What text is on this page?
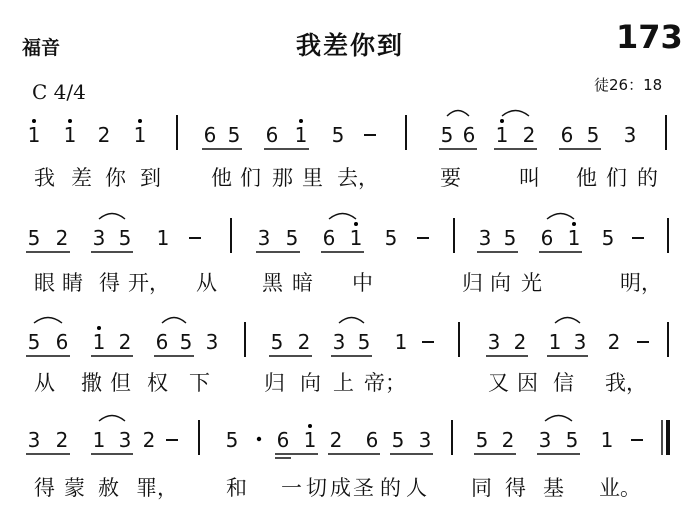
福音	我差你到	173
C 4/4	徒26：18
1 1 2 1	6 5 6 1 5	5 6 1 2 6 5 3
我 差 你 到 他 们 那 里 去，	要	叫 他 们 的
5 2 3 5 1	3 5 6 1 5	3 5 6 1 5
眼 睛 得 开， 从 黑 暗 中	归 向 光	明，
5 6 1 2 6 5 3	5 2 3 5 1	3 2 1 3 2
从 撒 但 权 下	归 向 上 帝；	又 因 信 我，
3 2 1 3 2	5 6 1 2 6 5 3 5 2 3 5 1
得 蒙 赦 罪， 和 一 切 成 圣 的 人 同 得 基 业。
